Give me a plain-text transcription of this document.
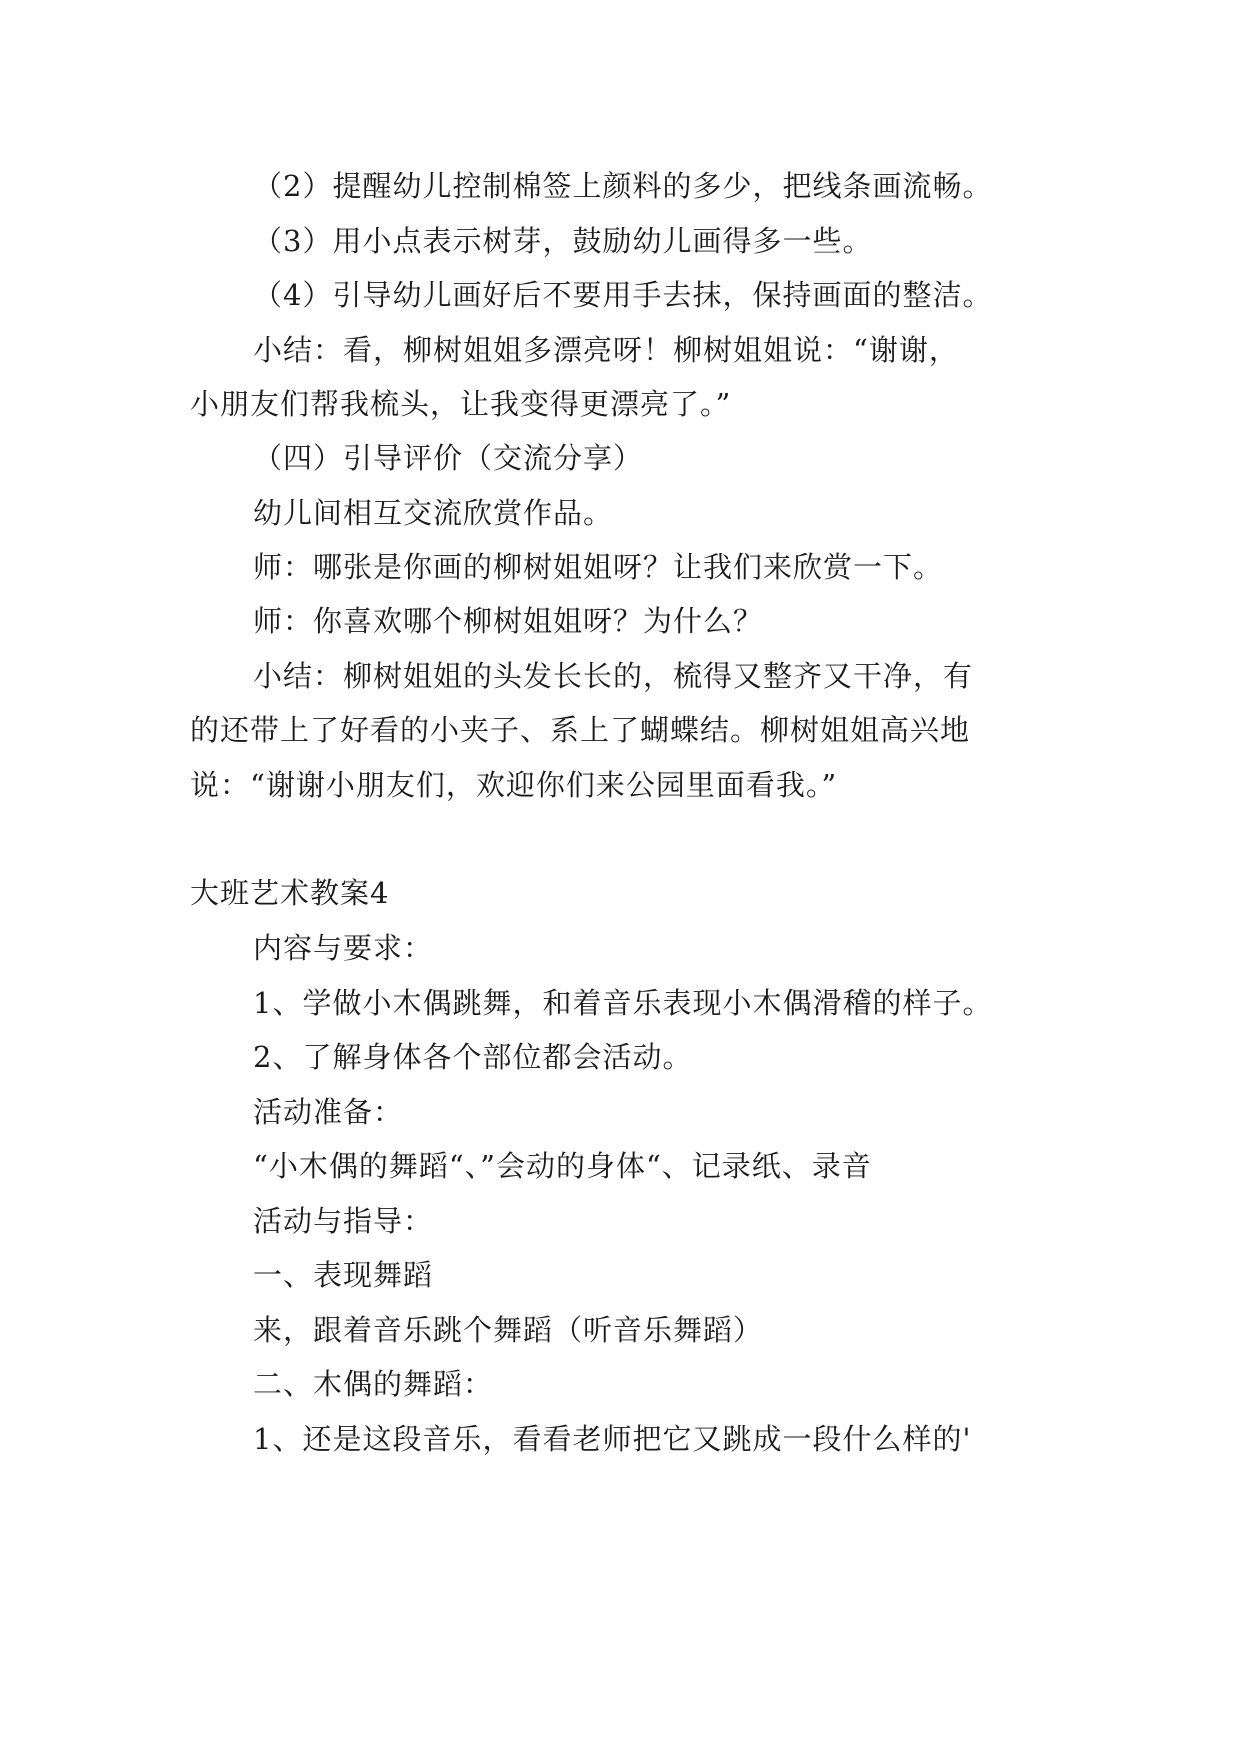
（2）提醒幼儿控制棉签上颜料的多少，把线条画流畅。
（3）用小点表示树芽，鼓励幼儿画得多一些。
（4）引导幼儿画好后不要用手去抹，保持画面的整洁。
小结：看，柳树姐姐多漂亮呀！柳树姐姐说：“谢谢，
小朋友们帮我梳头，让我变得更漂亮了。”
（四）引导评价（交流分享）
幼儿间相互交流欣赏作品。
师：哪张是你画的柳树姐姐呀？让我们来欣赏一下。
师：你喜欢哪个柳树姐姐呀？为什么？
小结：柳树姐姐的头发长长的，梳得又整齐又干净，有
的还带上了好看的小夹子、系上了蝴蝶结。柳树姐姐高兴地
说：“谢谢小朋友们，欢迎你们来公园里面看我。”
大班艺术教案4
内容与要求：
1、学做小木偶跳舞，和着音乐表现小木偶滑稽的样子。
2、了解身体各个部位都会活动。
活动准备：
“小木偶的舞蹈“、”会动的身体“、记录纸、录音
活动与指导：
一、表现舞蹈
来，跟着音乐跳个舞蹈（听音乐舞蹈）
二、木偶的舞蹈：
1、还是这段音乐，看看老师把它又跳成一段什么样的'
